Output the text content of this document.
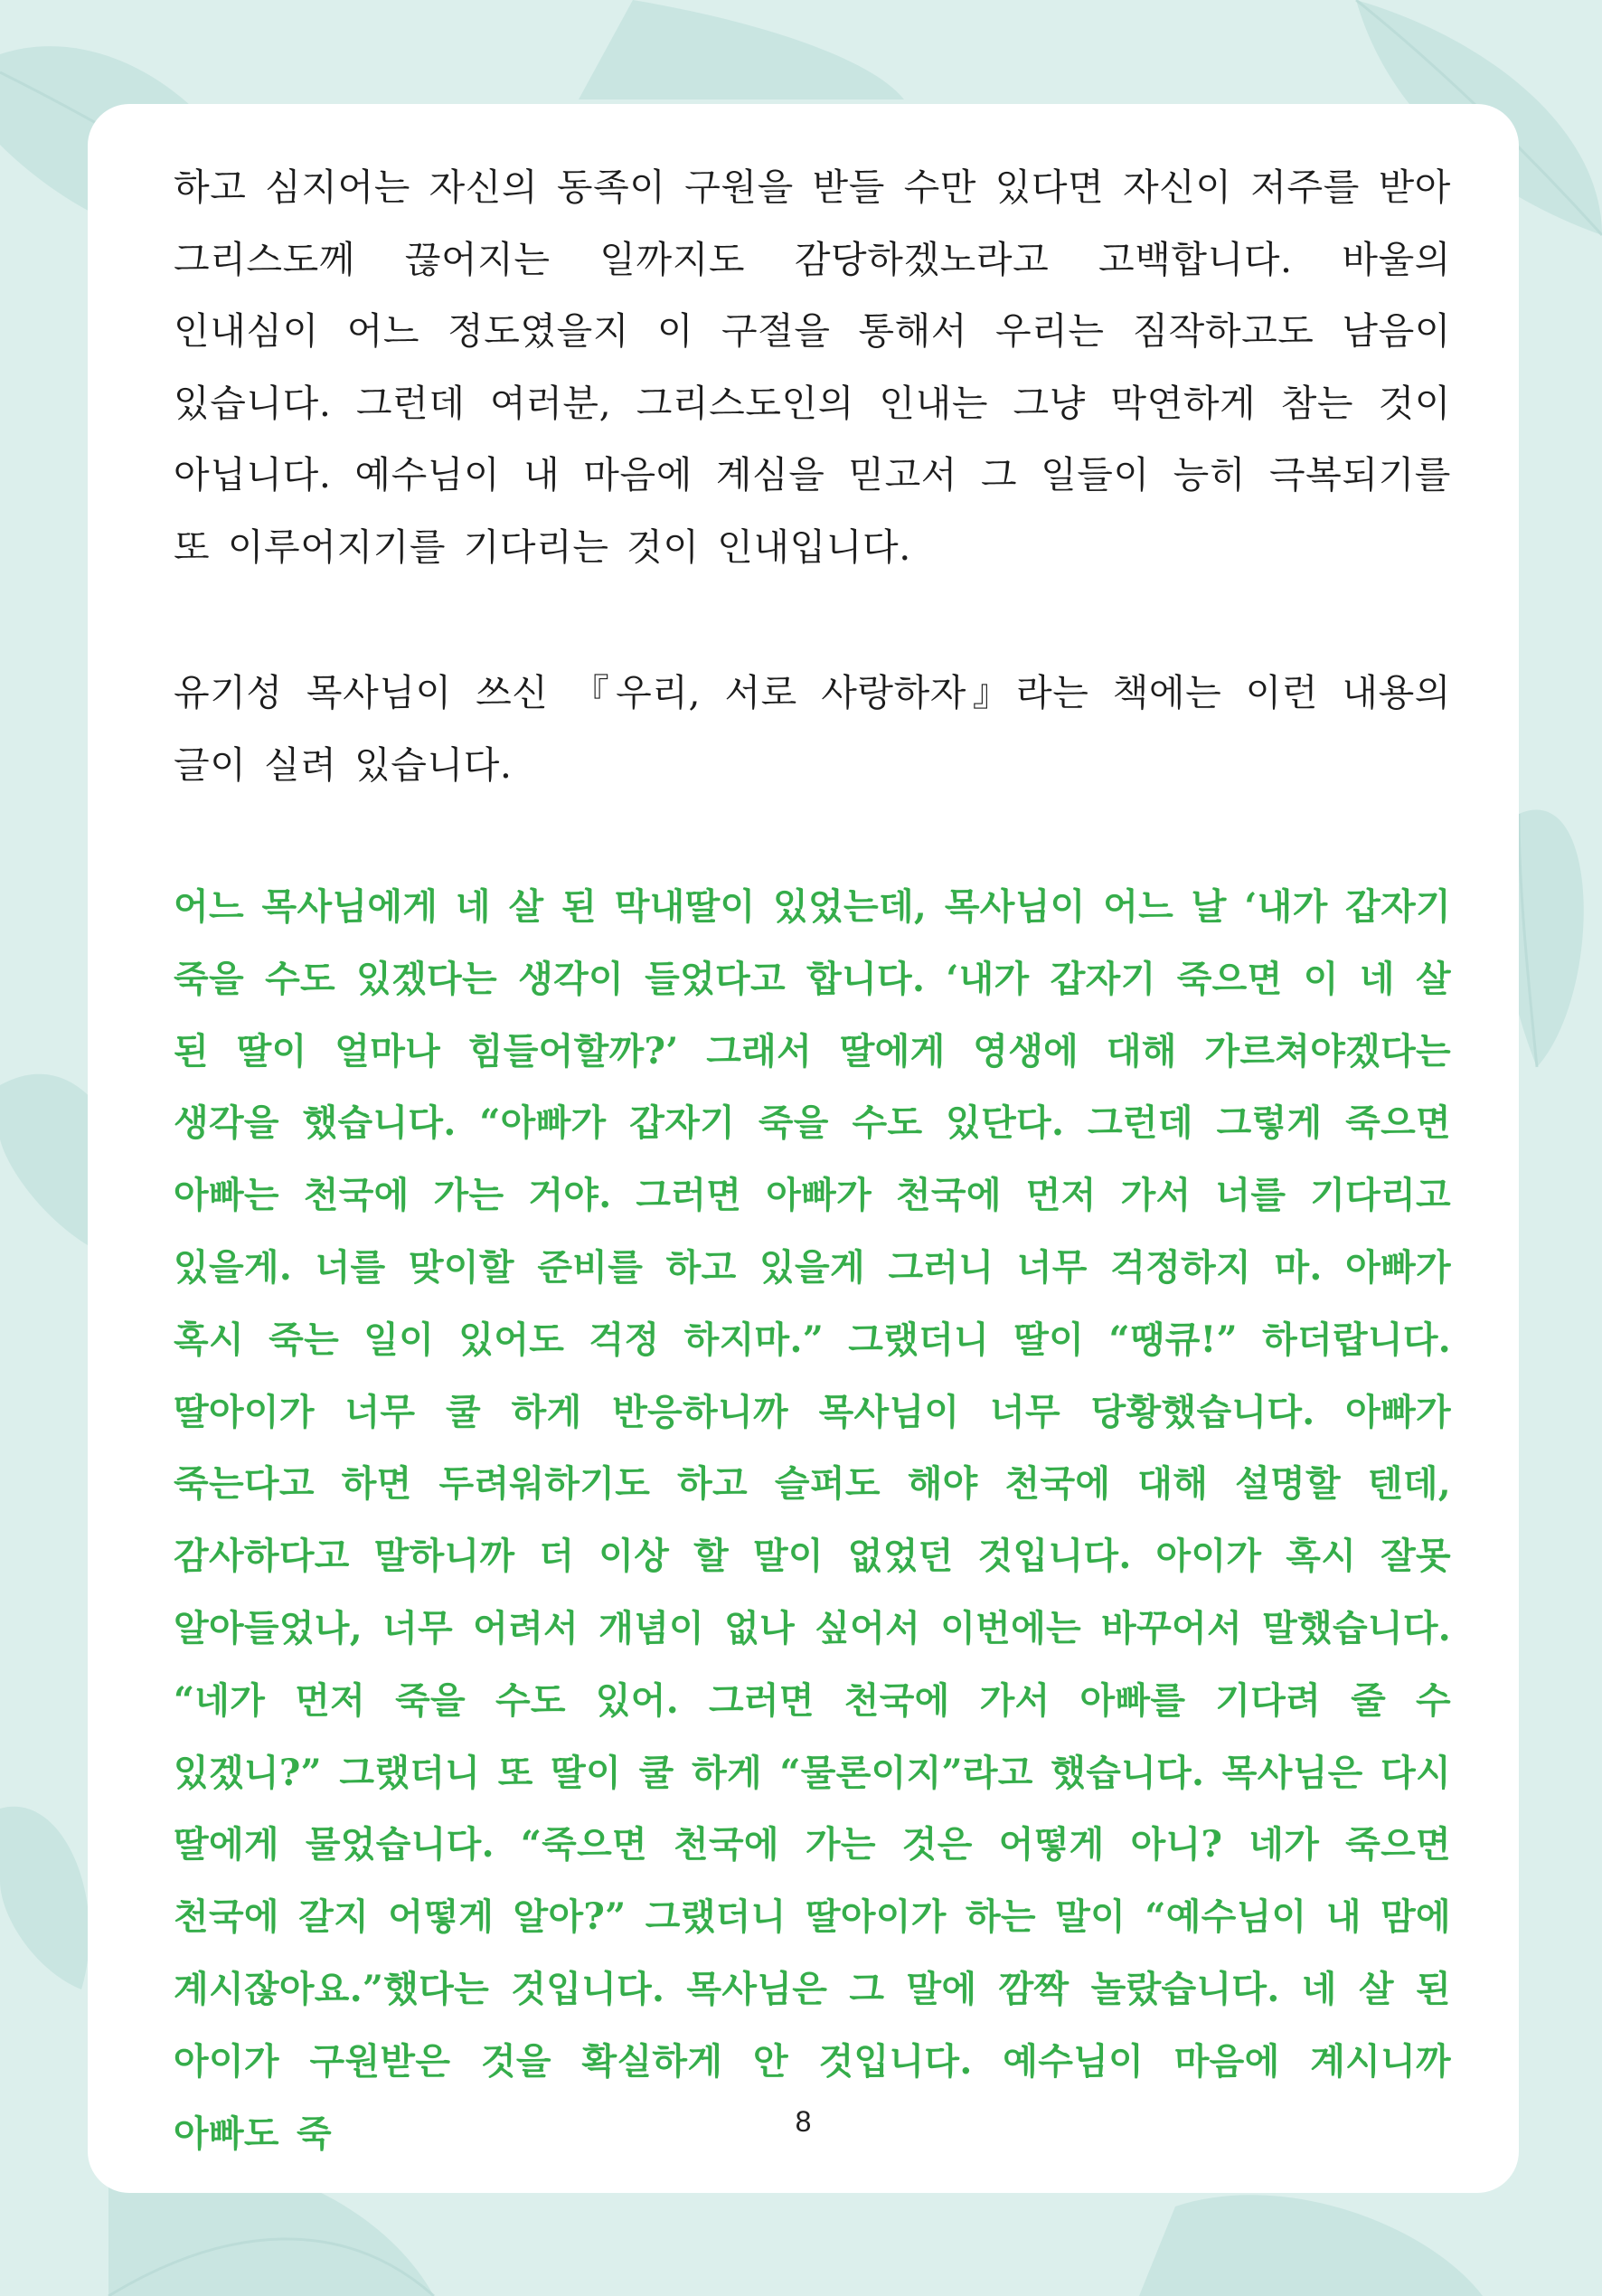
하고 심지어는 자신의 동족이 구원을 받들 수만 있다면 자신이 저주를 받아 그리스도께 끊어지는 일까지도 감당하겠노라고 고백합니다. 바울의 인내심이 어느 정도였을지 이 구절을 통해서 우리는 짐작하고도 남음이 있습니다. 그런데 여러분, 그리스도인의 인내는 그냥 막연하게 참는 것이 아닙니다. 예수님이 내 마음에 계심을 믿고서 그 일들이 능히 극복되기를 또 이루어지기를 기다리는 것이 인내입니다.

유기성 목사님이 쓰신 『우리, 서로 사랑하자』라는 책에는 이런 내용의 글이 실려 있습니다.

어느 목사님에게 네 살 된 막내딸이 있었는데, 목사님이 어느 날 ‘내가 갑자기 죽을 수도 있겠다는 생각이 들었다고 합니다. ‘내가 갑자기 죽으면 이 네 살 된 딸이 얼마나 힘들어할까?’ 그래서 딸에게 영생에 대해 가르쳐야겠다는 생각을 했습니다. “아빠가 갑자기 죽을 수도 있단다. 그런데 그렇게 죽으면 아빠는 천국에 가는 거야. 그러면 아빠가 천국에 먼저 가서 너를 기다리고 있을게. 너를 맞이할 준비를 하고 있을게 그러니 너무 걱정하지 마. 아빠가 혹시 죽는 일이 있어도 걱정 하지마.” 그랬더니 딸이 “땡큐!” 하더랍니다. 딸아이가 너무 쿨 하게 반응하니까 목사님이 너무 당황했습니다. 아빠가 죽는다고 하면 두려워하기도 하고 슬퍼도 해야 천국에 대해 설명할 텐데, 감사하다고 말하니까 더 이상 할 말이 없었던 것입니다. 아이가 혹시 잘못 알아들었나, 너무 어려서 개념이 없나 싶어서 이번에는 바꾸어서 말했습니다. “네가 먼저 죽을 수도 있어. 그러면 천국에 가서 아빠를 기다려 줄 수 있겠니?” 그랬더니 또 딸이 쿨 하게 “물론이지”라고 했습니다. 목사님은 다시 딸에게 물었습니다. “죽으면 천국에 가는 것은 어떻게 아니? 네가 죽으면 천국에 갈지 어떻게 알아?” 그랬더니 딸아이가 하는 말이 “예수님이 내 맘에 계시잖아요.”했다는 것입니다. 목사님은 그 말에 깜짝 놀랐습니다. 네 살 된 아이가 구원받은 것을 확실하게 안 것입니다. 예수님이 마음에 계시니까 아빠도 죽	8
